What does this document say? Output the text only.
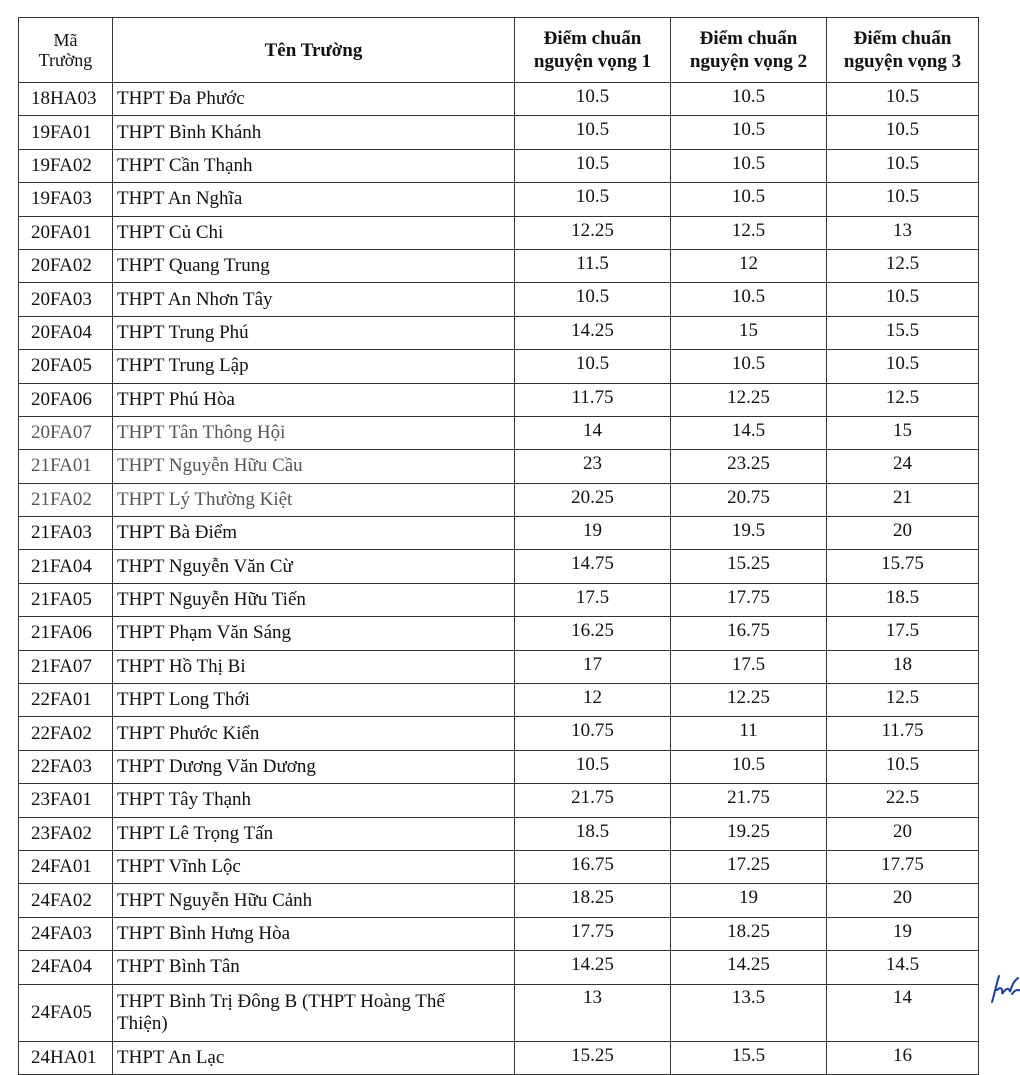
Mã Trường	Tên Trường	Điểm chuẩn nguyện vọng 1	Điểm chuẩn nguyện vọng 2	Điểm chuẩn nguyện vọng 3
18HA03	THPT Đa Phước	10.5	10.5	10.5
19FA01	THPT Bình Khánh	10.5	10.5	10.5
19FA02	THPT Cần Thạnh	10.5	10.5	10.5
19FA03	THPT An Nghĩa	10.5	10.5	10.5
20FA01	THPT Củ Chi	12.25	12.5	13
20FA02	THPT Quang Trung	11.5	12	12.5
20FA03	THPT An Nhơn Tây	10.5	10.5	10.5
20FA04	THPT Trung Phú	14.25	15	15.5
20FA05	THPT Trung Lập	10.5	10.5	10.5
20FA06	THPT Phú Hòa	11.75	12.25	12.5
20FA07	THPT Tân Thông Hội	14	14.5	15
21FA01	THPT Nguyễn Hữu Cầu	23	23.25	24
21FA02	THPT Lý Thường Kiệt	20.25	20.75	21
21FA03	THPT Bà Điểm	19	19.5	20
21FA04	THPT Nguyễn Văn Cừ	14.75	15.25	15.75
21FA05	THPT Nguyễn Hữu Tiến	17.5	17.75	18.5
21FA06	THPT Phạm Văn Sáng	16.25	16.75	17.5
21FA07	THPT Hồ Thị Bi	17	17.5	18
22FA01	THPT Long Thới	12	12.25	12.5
22FA02	THPT Phước Kiển	10.75	11	11.75
22FA03	THPT Dương Văn Dương	10.5	10.5	10.5
23FA01	THPT Tây Thạnh	21.75	21.75	22.5
23FA02	THPT Lê Trọng Tấn	18.5	19.25	20
24FA01	THPT Vĩnh Lộc	16.75	17.25	17.75
24FA02	THPT Nguyễn Hữu Cảnh	18.25	19	20
24FA03	THPT Bình Hưng Hòa	17.75	18.25	19
24FA04	THPT Bình Tân	14.25	14.25	14.5
24FA05	THPT Bình Trị Đông B (THPT Hoàng Thế Thiện)	13	13.5	14
24HA01	THPT An Lạc	15.25	15.5	16
